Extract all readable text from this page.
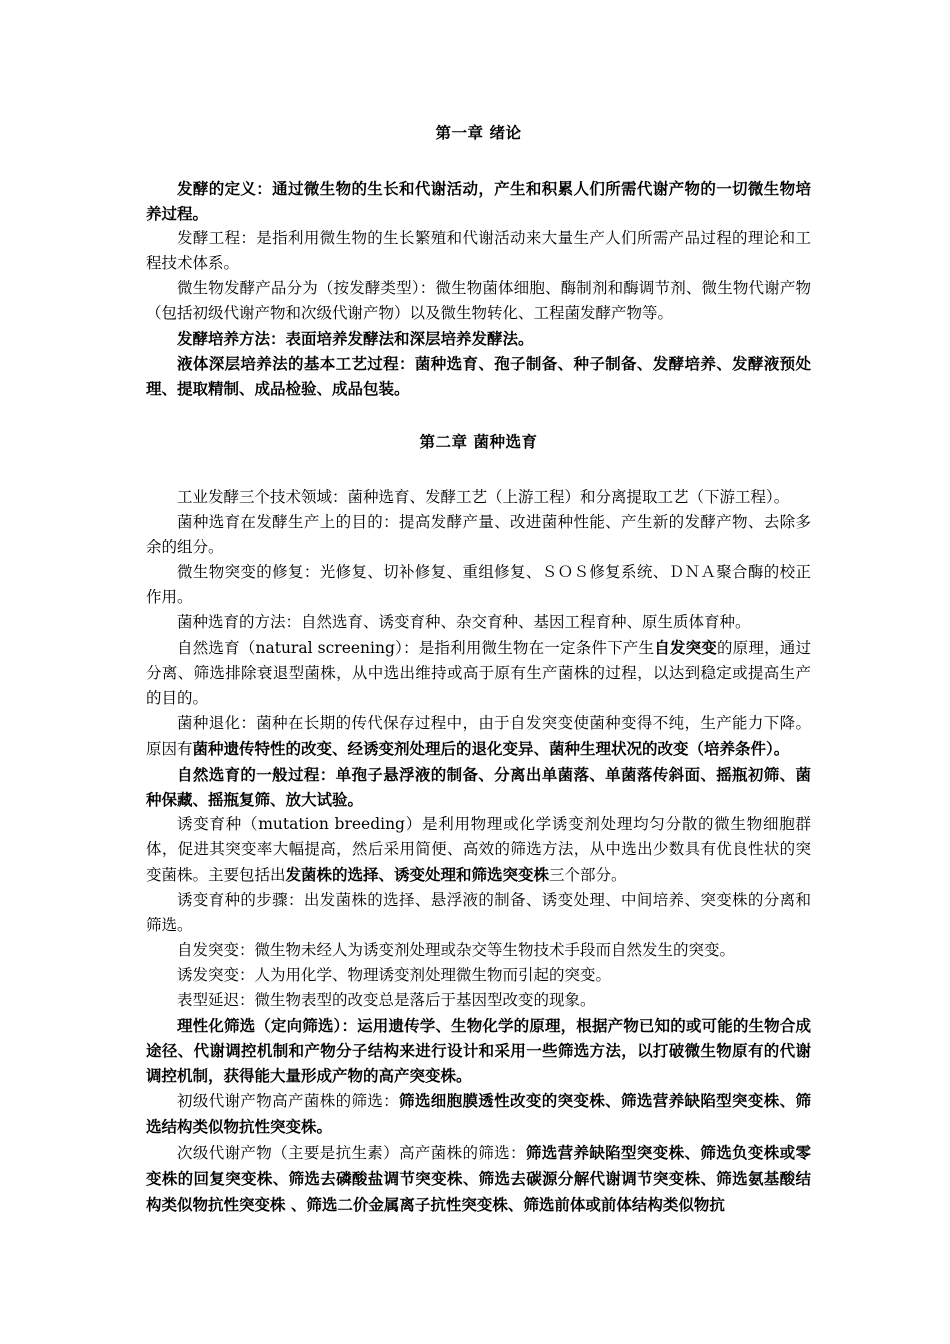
第一章 绪论

发酵的定义：通过微生物的生长和代谢活动，产生和积累人们所需代谢产物的一切微生物培养过程。

发酵工程：是指利用微生物的生长繁殖和代谢活动来大量生产人们所需产品过程的理论和工程技术体系。

微生物发酵产品分为（按发酵类型）：微生物菌体细胞、酶制剂和酶调节剂、微生物代谢产物（包括初级代谢产物和次级代谢产物）以及微生物转化、工程菌发酵产物等。

发酵培养方法：表面培养发酵法和深层培养发酵法。

液体深层培养法的基本工艺过程：菌种选育、孢子制备、种子制备、发酵培养、发酵液预处理、提取精制、成品检验、成品包装。

第二章 菌种选育

工业发酵三个技术领域：菌种选育、发酵工艺（上游工程）和分离提取工艺（下游工程）。

菌种选育在发酵生产上的目的：提高发酵产量、改进菌种性能、产生新的发酵产物、去除多余的组分。

微生物突变的修复：光修复、切补修复、重组修复、ＳＯＳ修复系统、ＤＮＡ聚合酶的校正作用。

菌种选育的方法：自然选育、诱变育种、杂交育种、基因工程育种、原生质体育种。

自然选育（natural screening）：是指利用微生物在一定条件下产生自发突变的原理，通过分离、筛选排除衰退型菌株，从中选出维持或高于原有生产菌株的过程，以达到稳定或提高生产的目的。

菌种退化：菌种在长期的传代保存过程中，由于自发突变使菌种变得不纯，生产能力下降。原因有菌种遗传特性的改变、经诱变剂处理后的退化变异、菌种生理状况的改变（培养条件）。

自然选育的一般过程：单孢子悬浮液的制备、分离出单菌落、单菌落传斜面、摇瓶初筛、菌种保藏、摇瓶复筛、放大试验。

诱变育种（mutation breeding）是利用物理或化学诱变剂处理均匀分散的微生物细胞群体，促进其突变率大幅提高，然后采用简便、高效的筛选方法，从中选出少数具有优良性状的突变菌株。主要包括出发菌株的选择、诱变处理和筛选突变株三个部分。

诱变育种的步骤：出发菌株的选择、悬浮液的制备、诱变处理、中间培养、突变株的分离和筛选。

自发突变：微生物未经人为诱变剂处理或杂交等生物技术手段而自然发生的突变。

诱发突变：人为用化学、物理诱变剂处理微生物而引起的突变。

表型延迟：微生物表型的改变总是落后于基因型改变的现象。

理性化筛选（定向筛选）：运用遗传学、生物化学的原理，根据产物已知的或可能的生物合成途径、代谢调控机制和产物分子结构来进行设计和采用一些筛选方法，以打破微生物原有的代谢调控机制，获得能大量形成产物的高产突变株。

初级代谢产物高产菌株的筛选：筛选细胞膜透性改变的突变株、筛选营养缺陷型突变株、筛选结构类似物抗性突变株。

次级代谢产物（主要是抗生素）高产菌株的筛选：筛选营养缺陷型突变株、筛选负变株或零变株的回复突变株、筛选去磷酸盐调节突变株、筛选去碳源分解代谢调节突变株、筛选氨基酸结构类似物抗性突变株 、筛选二价金属离子抗性突变株、筛选前体或前体结构类似物抗
